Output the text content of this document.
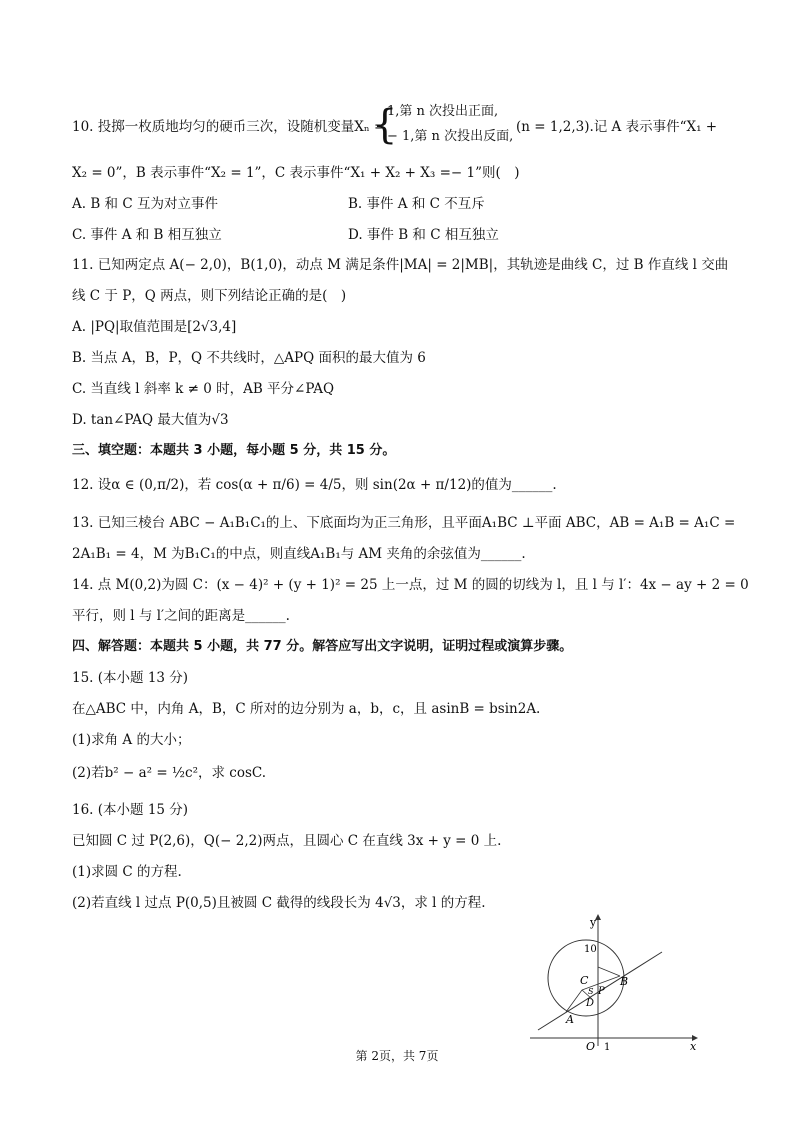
10. 投掷一枚质地均匀的硬币三次，设随机变量Xₙ =
{
1,第 n 次投出正面,
− 1,第 n 次投出反面,
(n = 1,2,3).记 A 表示事件“X₁ +
X₂ = 0”，B 表示事件“X₂ = 1”，C 表示事件“X₁ + X₂ + X₃ =− 1”则( )
A. B 和 C 互为对立事件	B. 事件 A 和 C 不互斥
C. 事件 A 和 B 相互独立	D. 事件 B 和 C 相互独立
11. 已知两定点 A(− 2,0)，B(1,0)，动点 M 满足条件|MA| = 2|MB|，其轨迹是曲线 C，过 B 作直线 l 交曲
线 C 于 P，Q 两点，则下列结论正确的是( )
A. |PQ|取值范围是[2√3,4]
B. 当点 A，B，P，Q 不共线时，△APQ 面积的最大值为 6
C. 当直线 l 斜率 k ≠ 0 时，AB 平分∠PAQ
D. tan∠PAQ 最大值为√3
三、填空题：本题共 3 小题，每小题 5 分，共 15 分。
12. 设α ∈ (0,π/2)，若 cos(α + π/6) = 4/5，则 sin(2α + π/12)的值为______.
13. 已知三棱台 ABC − A₁B₁C₁的上、下底面均为正三角形，且平面A₁BC ⊥平面 ABC，AB = A₁B = A₁C =
2A₁B₁ = 4，M 为B₁C₁的中点，则直线A₁B₁与 AM 夹角的余弦值为______.
14. 点 M(0,2)为圆 C：(x − 4)² + (y + 1)² = 25 上一点，过 M 的圆的切线为 l，且 l 与 l′：4x − ay + 2 = 0
平行，则 l 与 l′之间的距离是______.
四、解答题：本题共 5 小题，共 77 分。解答应写出文字说明，证明过程或演算步骤。
15. (本小题 13 分)
在△ABC 中，内角 A，B，C 所对的边分别为 a，b，c，且 asinB = bsin2A.
(1)求角 A 的大小；
(2)若b² − a² = ½c²，求 cosC.
16. (本小题 15 分)
已知圆 C 过 P(2,6)，Q(− 2,2)两点，且圆心 C 在直线 3x + y = 0 上.
(1)求圆 C 的方程.
(2)若直线 l 过点 P(0,5)且被圆 C 截得的线段长为 4√3，求 l 的方程.
y
x
10
1
O
C	B
P
D
A
S
第 2页，共 7页
